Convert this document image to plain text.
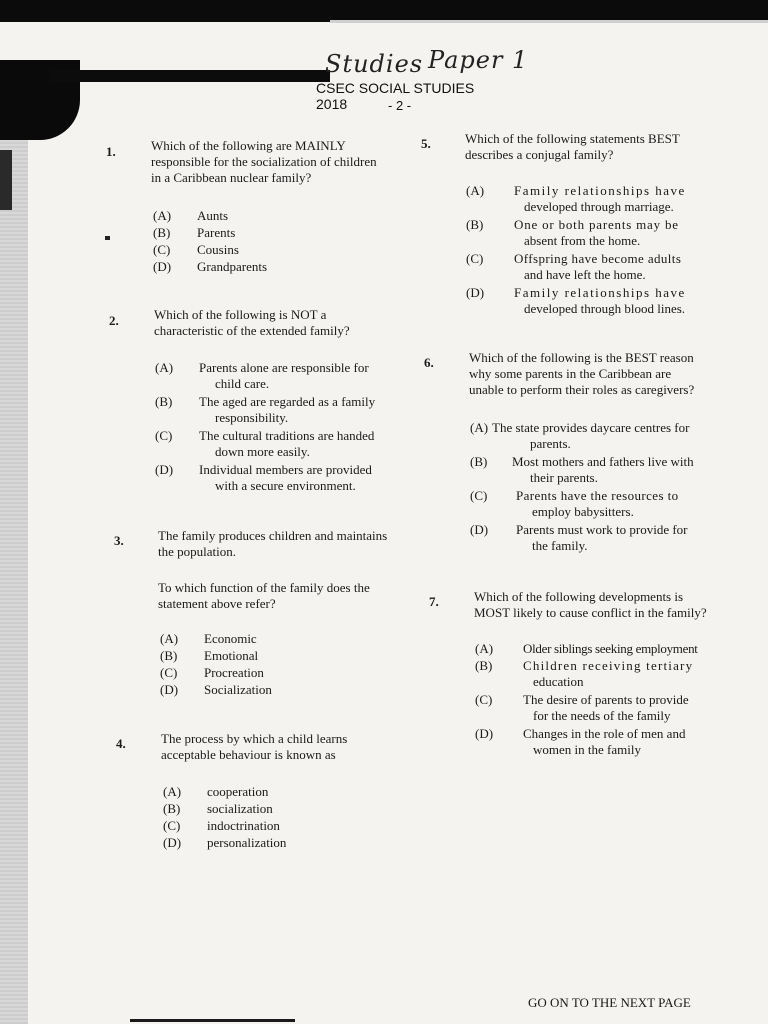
Studies Paper 1
CSEC SOCIAL STUDIES
2018	- 2 -
1.	Which of the following are MAINLY
responsible for the socialization of children
in a Caribbean nuclear family?
(A) Aunts
(B) Parents
(C) Cousins
(D) Grandparents
2.	Which of the following is NOT a
characteristic of the extended family?
(A) Parents alone are responsible for
child care.
(B) The aged are regarded as a family
responsibility.
(C) The cultural traditions are handed
down more easily.
(D) Individual members are provided
with a secure environment.
3.	The family produces children and maintains
the population.
To which function of the family does the
statement above refer?
(A) Economic
(B) Emotional
(C) Procreation
(D) Socialization
4.	The process by which a child learns
acceptable behaviour is known as
(A) cooperation
(B) socialization
(C) indoctrination
(D) personalization
5.	Which of the following statements BEST
describes a conjugal family?
(A) Family relationships have
developed through marriage.
(B) One or both parents may be
absent from the home.
(C) Offspring have become adults
and have left the home.
(D) Family relationships have
developed through blood lines.
6.	Which of the following is the BEST reason
why some parents in the Caribbean are
unable to perform their roles as caregivers?
(A) The state provides daycare centres for
parents.
(B) Most mothers and fathers live with
their parents.
(C) Parents have the resources to
employ babysitters.
(D) Parents must work to provide for
the family.
7.	Which of the following developments is
MOST likely to cause conflict in the family?
(A) Older siblings seeking employment
(B) Children receiving tertiary
education
(C) The desire of parents to provide
for the needs of the family
(D) Changes in the role of men and
women in the family
GO ON TO THE NEXT PAGE
